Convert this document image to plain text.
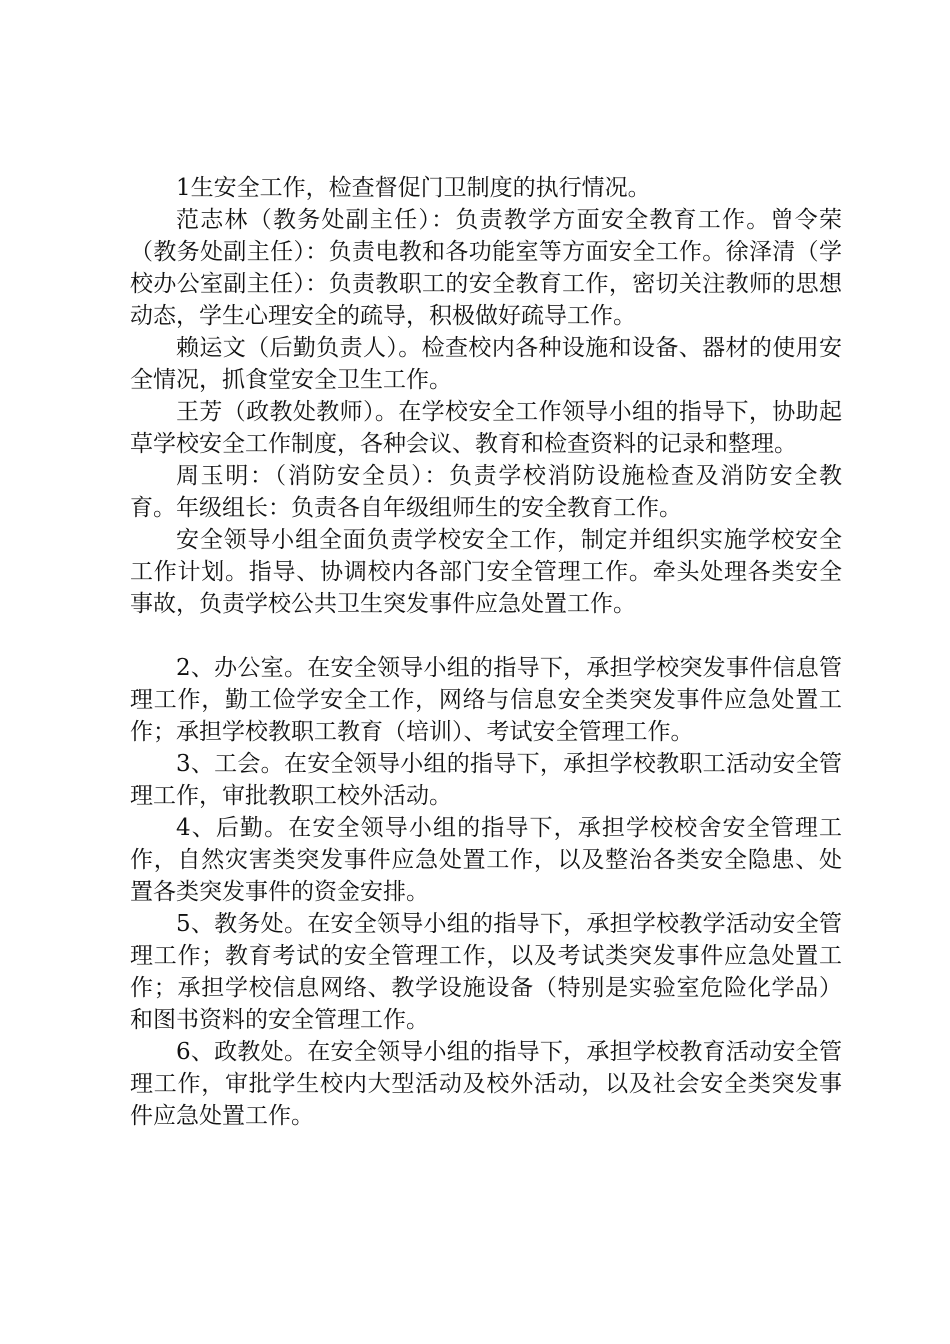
1生安全工作，检查督促门卫制度的执行情况。

范志林（教务处副主任）：负责教学方面安全教育工作。曾令荣（教务处副主任）：负责电教和各功能室等方面安全工作。徐泽清（学校办公室副主任）：负责教职工的安全教育工作，密切关注教师的思想动态，学生心理安全的疏导，积极做好疏导工作。

赖运文（后勤负责人）。检查校内各种设施和设备、器材的使用安全情况，抓食堂安全卫生工作。

王芳（政教处教师）。在学校安全工作领导小组的指导下，协助起草学校安全工作制度，各种会议、教育和检查资料的记录和整理。

周玉明：（消防安全员）：负责学校消防设施检查及消防安全教育。年级组长：负责各自年级组师生的安全教育工作。

安全领导小组全面负责学校安全工作，制定并组织实施学校安全工作计划。指导、协调校内各部门安全管理工作。牵头处理各类安全事故，负责学校公共卫生突发事件应急处置工作。

2、办公室。在安全领导小组的指导下，承担学校突发事件信息管理工作，勤工俭学安全工作，网络与信息安全类突发事件应急处置工作；承担学校教职工教育（培训）、考试安全管理工作。

3、工会。在安全领导小组的指导下，承担学校教职工活动安全管理工作，审批教职工校外活动。

4、后勤。在安全领导小组的指导下，承担学校校舍安全管理工作，自然灾害类突发事件应急处置工作，以及整治各类安全隐患、处置各类突发事件的资金安排。

5、教务处。在安全领导小组的指导下，承担学校教学活动安全管理工作；教育考试的安全管理工作，以及考试类突发事件应急处置工作；承担学校信息网络、教学设施设备（特别是实验室危险化学品）和图书资料的安全管理工作。

6、政教处。在安全领导小组的指导下，承担学校教育活动安全管理工作，审批学生校内大型活动及校外活动，以及社会安全类突发事件应急处置工作。
